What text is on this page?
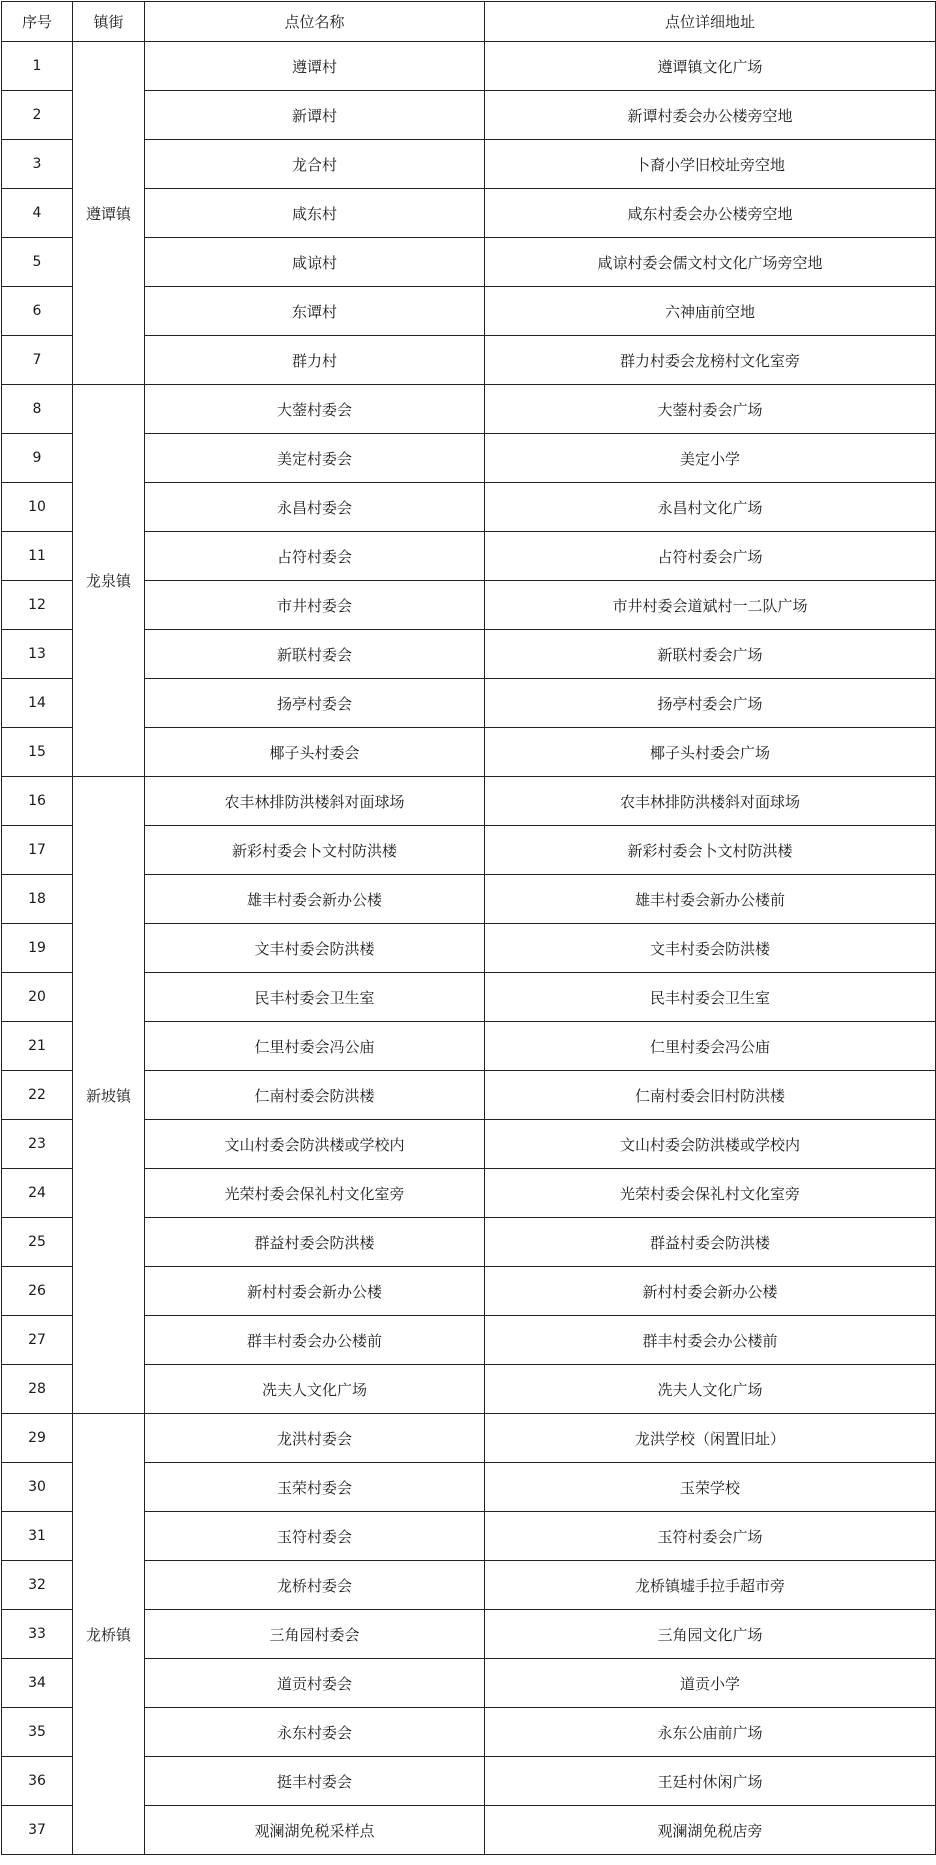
序号	镇街	点位名称	点位详细地址
1	遵谭镇	遵谭村	遵谭镇文化广场
2		新谭村	新谭村委会办公楼旁空地
3		龙合村	卜裔小学旧校址旁空地
4		咸东村	咸东村委会办公楼旁空地
5		咸谅村	咸谅村委会儒文村文化广场旁空地
6		东谭村	六神庙前空地
7		群力村	群力村委会龙榜村文化室旁
8	龙泉镇	大蓥村委会	大蓥村委会广场
9		美定村委会	美定小学
10		永昌村委会	永昌村文化广场
11		占符村委会	占符村委会广场
12		市井村委会	市井村委会道斌村一二队广场
13		新联村委会	新联村委会广场
14		扬亭村委会	扬亭村委会广场
15		椰子头村委会	椰子头村委会广场
16	新坡镇	农丰林排防洪楼斜对面球场	农丰林排防洪楼斜对面球场
17		新彩村委会卜文村防洪楼	新彩村委会卜文村防洪楼
18		雄丰村委会新办公楼	雄丰村委会新办公楼前
19		文丰村委会防洪楼	文丰村委会防洪楼
20		民丰村委会卫生室	民丰村委会卫生室
21		仁里村委会冯公庙	仁里村委会冯公庙
22		仁南村委会防洪楼	仁南村委会旧村防洪楼
23		文山村委会防洪楼或学校内	文山村委会防洪楼或学校内
24		光荣村委会保礼村文化室旁	光荣村委会保礼村文化室旁
25		群益村委会防洪楼	群益村委会防洪楼
26		新村村委会新办公楼	新村村委会新办公楼
27		群丰村委会办公楼前	群丰村委会办公楼前
28		冼夫人文化广场	冼夫人文化广场
29	龙桥镇	龙洪村委会	龙洪学校（闲置旧址）
30		玉荣村委会	玉荣学校
31		玉符村委会	玉符村委会广场
32		龙桥村委会	龙桥镇墟手拉手超市旁
33		三角园村委会	三角园文化广场
34		道贡村委会	道贡小学
35		永东村委会	永东公庙前广场
36		挺丰村委会	王廷村休闲广场
37		观澜湖免税采样点	观澜湖免税店旁
